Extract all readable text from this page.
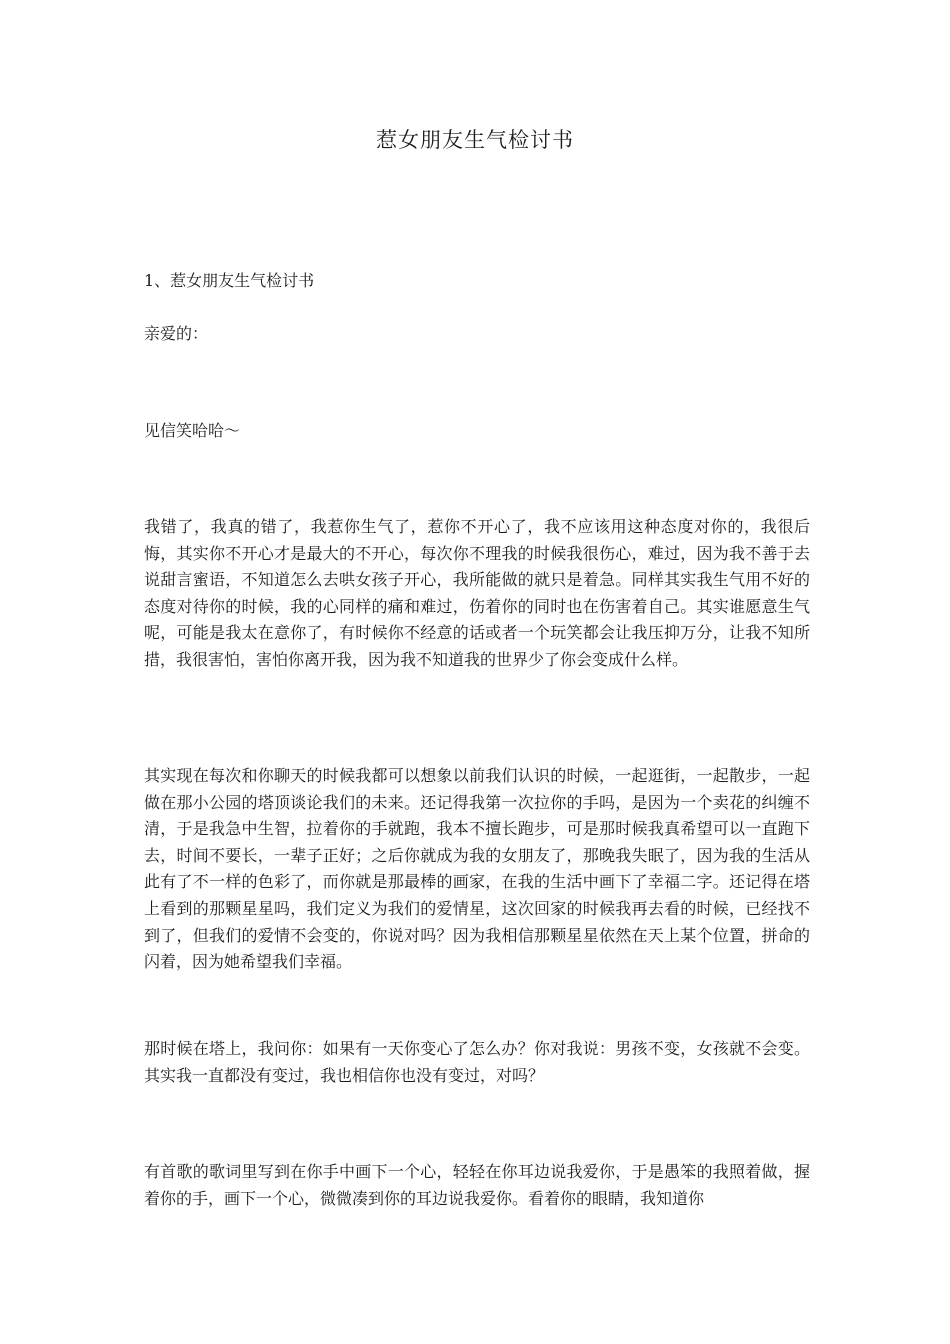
惹女朋友生气检讨书

1、惹女朋友生气检讨书

亲爱的：

见信笑哈哈～

我错了，我真的错了，我惹你生气了，惹你不开心了，我不应该用这种态度对你的，我很后悔，其实你不开心才是最大的不开心，每次你不理我的时候我很伤心，难过，因为我不善于去说甜言蜜语，不知道怎么去哄女孩子开心，我所能做的就只是着急。同样其实我生气用不好的态度对待你的时候，我的心同样的痛和难过，伤着你的同时也在伤害着自己。其实谁愿意生气呢，可能是我太在意你了，有时候你不经意的话或者一个玩笑都会让我压抑万分，让我不知所措，我很害怕，害怕你离开我，因为我不知道我的世界少了你会变成什么样。

其实现在每次和你聊天的时候我都可以想象以前我们认识的时候，一起逛街，一起散步，一起做在那小公园的塔顶谈论我们的未来。还记得我第一次拉你的手吗，是因为一个卖花的纠缠不清，于是我急中生智，拉着你的手就跑，我本不擅长跑步，可是那时候我真希望可以一直跑下去，时间不要长，一辈子正好；之后你就成为我的女朋友了，那晚我失眠了，因为我的生活从此有了不一样的色彩了，而你就是那最棒的画家，在我的生活中画下了幸福二字。还记得在塔上看到的那颗星星吗，我们定义为我们的爱情星，这次回家的时候我再去看的时候，已经找不到了，但我们的爱情不会变的，你说对吗？因为我相信那颗星星依然在天上某个位置，拼命的闪着，因为她希望我们幸福。

那时候在塔上，我问你：如果有一天你变心了怎么办？你对我说：男孩不变，女孩就不会变。其实我一直都没有变过，我也相信你也没有变过，对吗？

有首歌的歌词里写到在你手中画下一个心，轻轻在你耳边说我爱你，于是愚笨的我照着做，握着你的手，画下一个心，微微凑到你的耳边说我爱你。看着你的眼睛，我知道你
